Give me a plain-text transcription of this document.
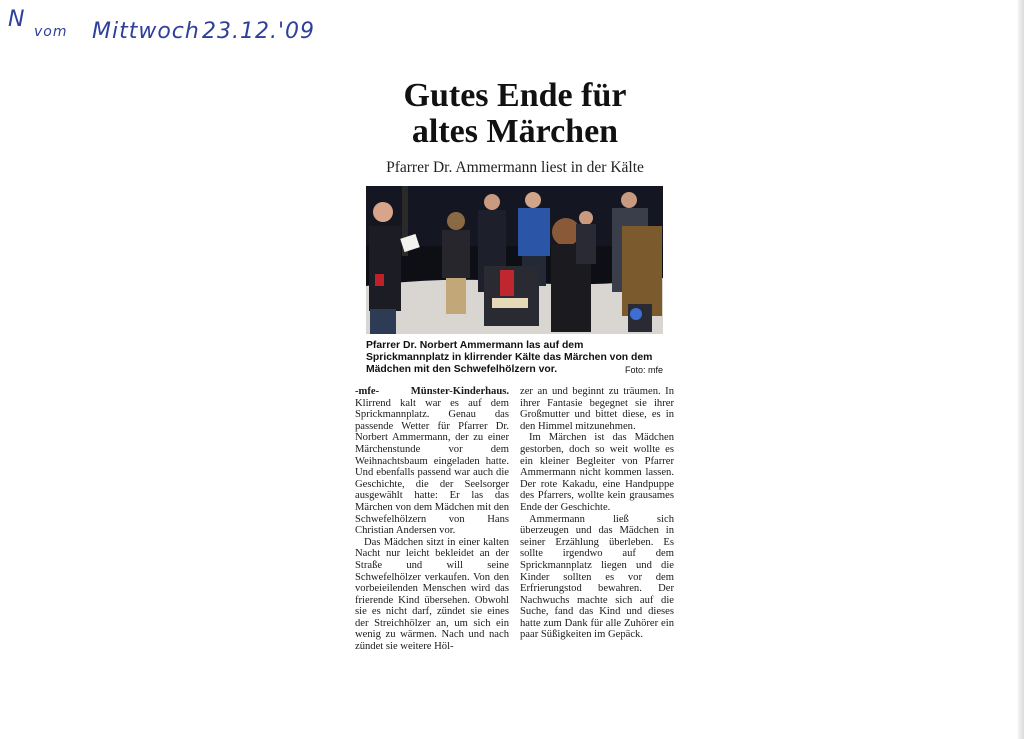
N vom Mittwoch 23.12.'09
Gutes Ende für
altes Märchen
Pfarrer Dr. Ammermann liest in der Kälte
Pfarrer Dr. Norbert Ammermann las auf dem Sprickmannplatz in klirrender Kälte das Märchen von dem Mädchen mit den Schwefelhölzern vor.	Foto: mfe

-mfe- Münster-Kinderhaus. Klirrend kalt war es auf dem Sprickmannplatz. Genau das passende Wetter für Pfarrer Dr. Norbert Ammermann, der zu einer Märchenstunde vor dem Weihnachtsbaum eingeladen hatte. Und ebenfalls passend war auch die Geschichte, die der Seelsorger ausgewählt hatte: Er las das Märchen von dem Mädchen mit den Schwefelhölzern von Hans Christian Andersen vor.

Das Mädchen sitzt in einer kalten Nacht nur leicht bekleidet an der Straße und will seine Schwefelhölzer verkaufen. Von den vorbeieilenden Menschen wird das frierende Kind übersehen. Obwohl sie es nicht darf, zündet sie eines der Streichhölzer an, um sich ein wenig zu wärmen. Nach und nach zündet sie weitere Höl-

zer an und beginnt zu träumen. In ihrer Fantasie begegnet sie ihrer Großmutter und bittet diese, es in den Himmel mitzunehmen.

Im Märchen ist das Mädchen gestorben, doch so weit wollte es ein kleiner Begleiter von Pfarrer Ammermann nicht kommen lassen. Der rote Kakadu, eine Handpuppe des Pfarrers, wollte kein grausames Ende der Geschichte.

Ammermann ließ sich überzeugen und das Mädchen in seiner Erzählung überleben. Es sollte irgendwo auf dem Sprickmannplatz liegen und die Kinder sollten es vor dem Erfrierungstod bewahren. Der Nachwuchs machte sich auf die Suche, fand das Kind und dieses hatte zum Dank für alle Zuhörer ein paar Süßigkeiten im Gepäck.
